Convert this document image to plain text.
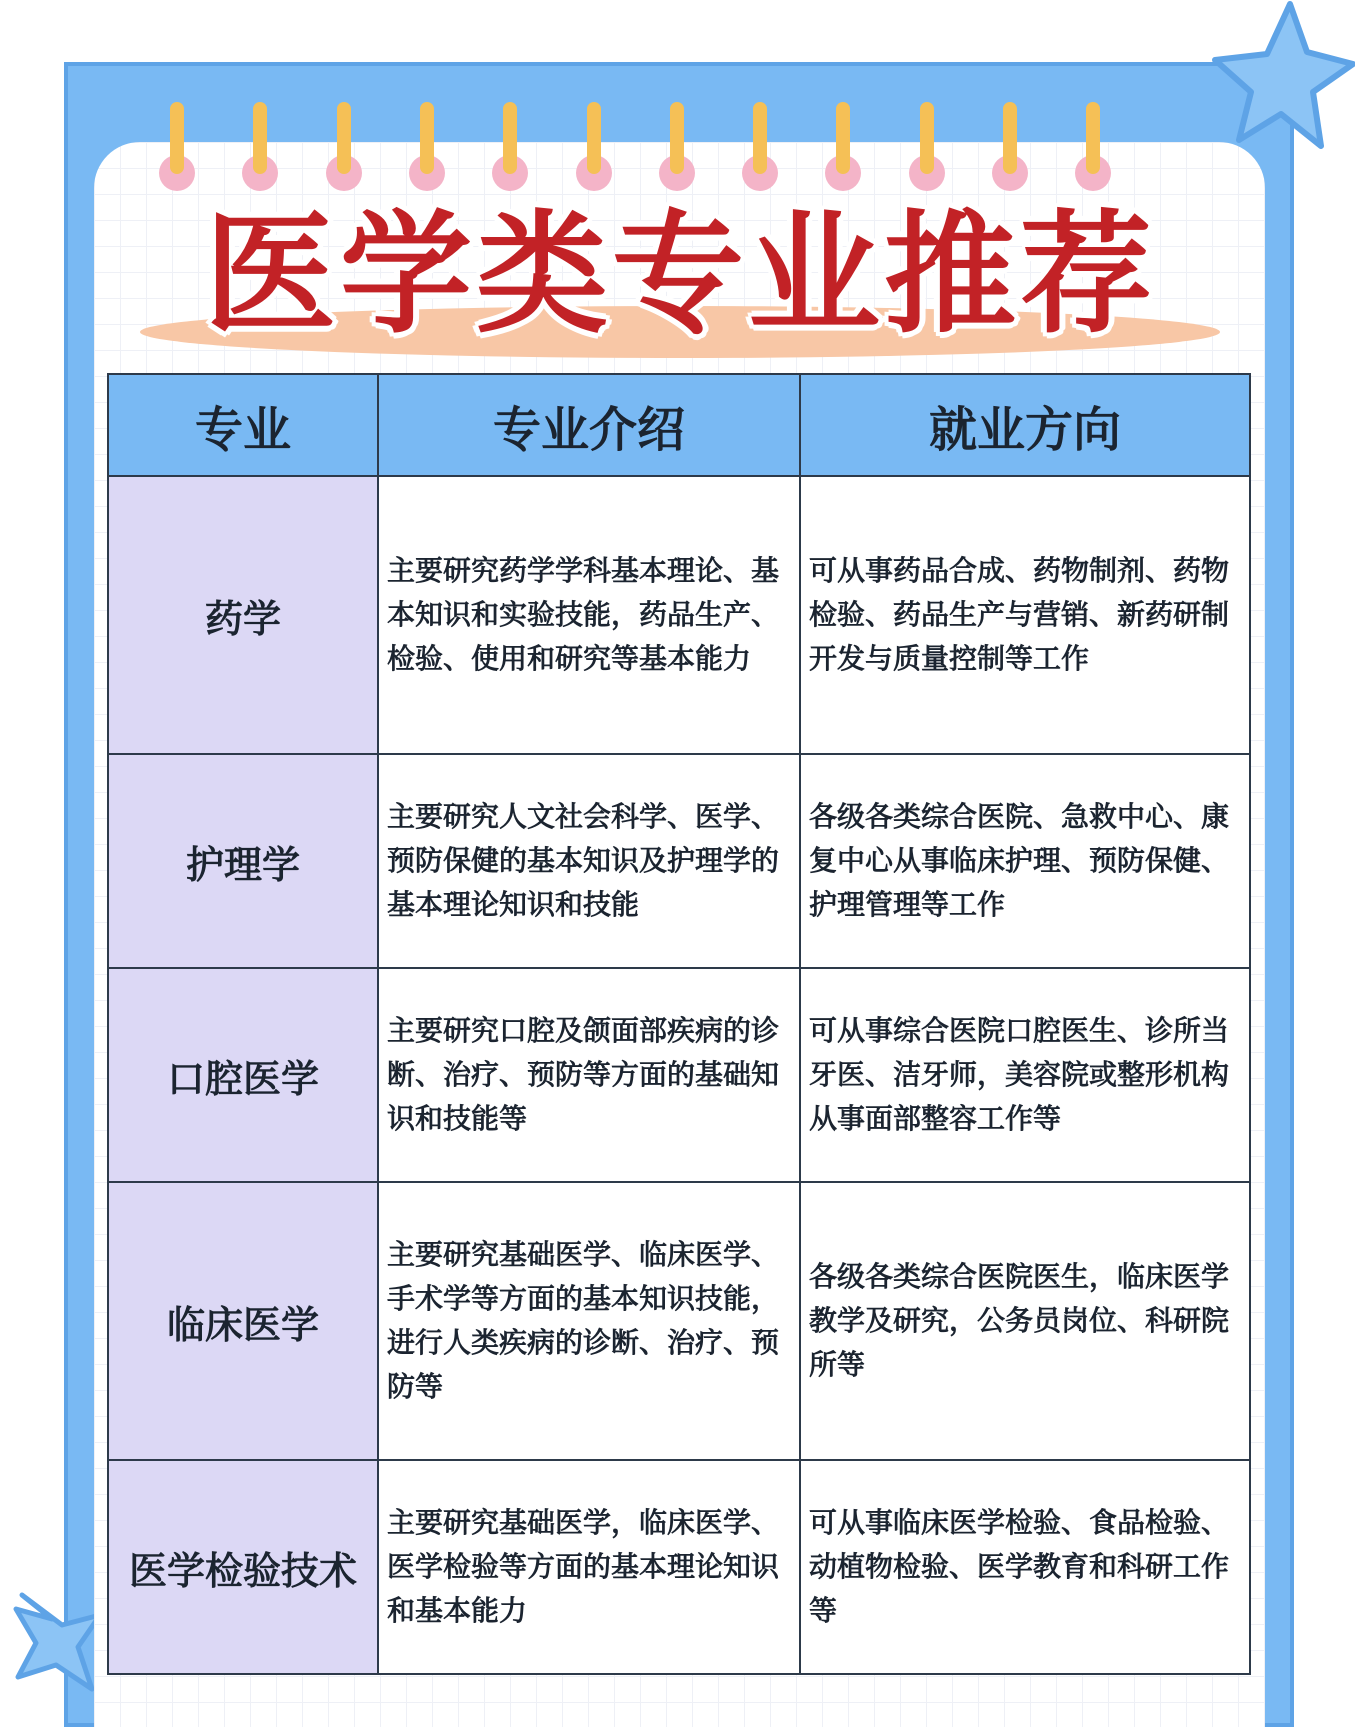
医学类专业推荐
专业	专业介绍	就业方向
药学	主要研究药学学科基本理论、基本知识和实验技能，药品生产、检验、使用和研究等基本能力	可从事药品合成、药物制剂、药物检验、药品生产与营销、新药研制开发与质量控制等工作
护理学	主要研究人文社会科学、医学、预防保健的基本知识及护理学的基本理论知识和技能	各级各类综合医院、急救中心、康复中心从事临床护理、预防保健、护理管理等工作
口腔医学	主要研究口腔及颌面部疾病的诊断、治疗、预防等方面的基础知识和技能等	可从事综合医院口腔医生、诊所当牙医、洁牙师，美容院或整形机构从事面部整容工作等
临床医学	主要研究基础医学、临床医学、手术学等方面的基本知识技能，进行人类疾病的诊断、治疗、预防等	各级各类综合医院医生，临床医学教学及研究，公务员岗位、科研院所等
医学检验技术	主要研究基础医学，临床医学、医学检验等方面的基本理论知识和基本能力	可从事临床医学检验、食品检验、动植物检验、医学教育和科研工作等
